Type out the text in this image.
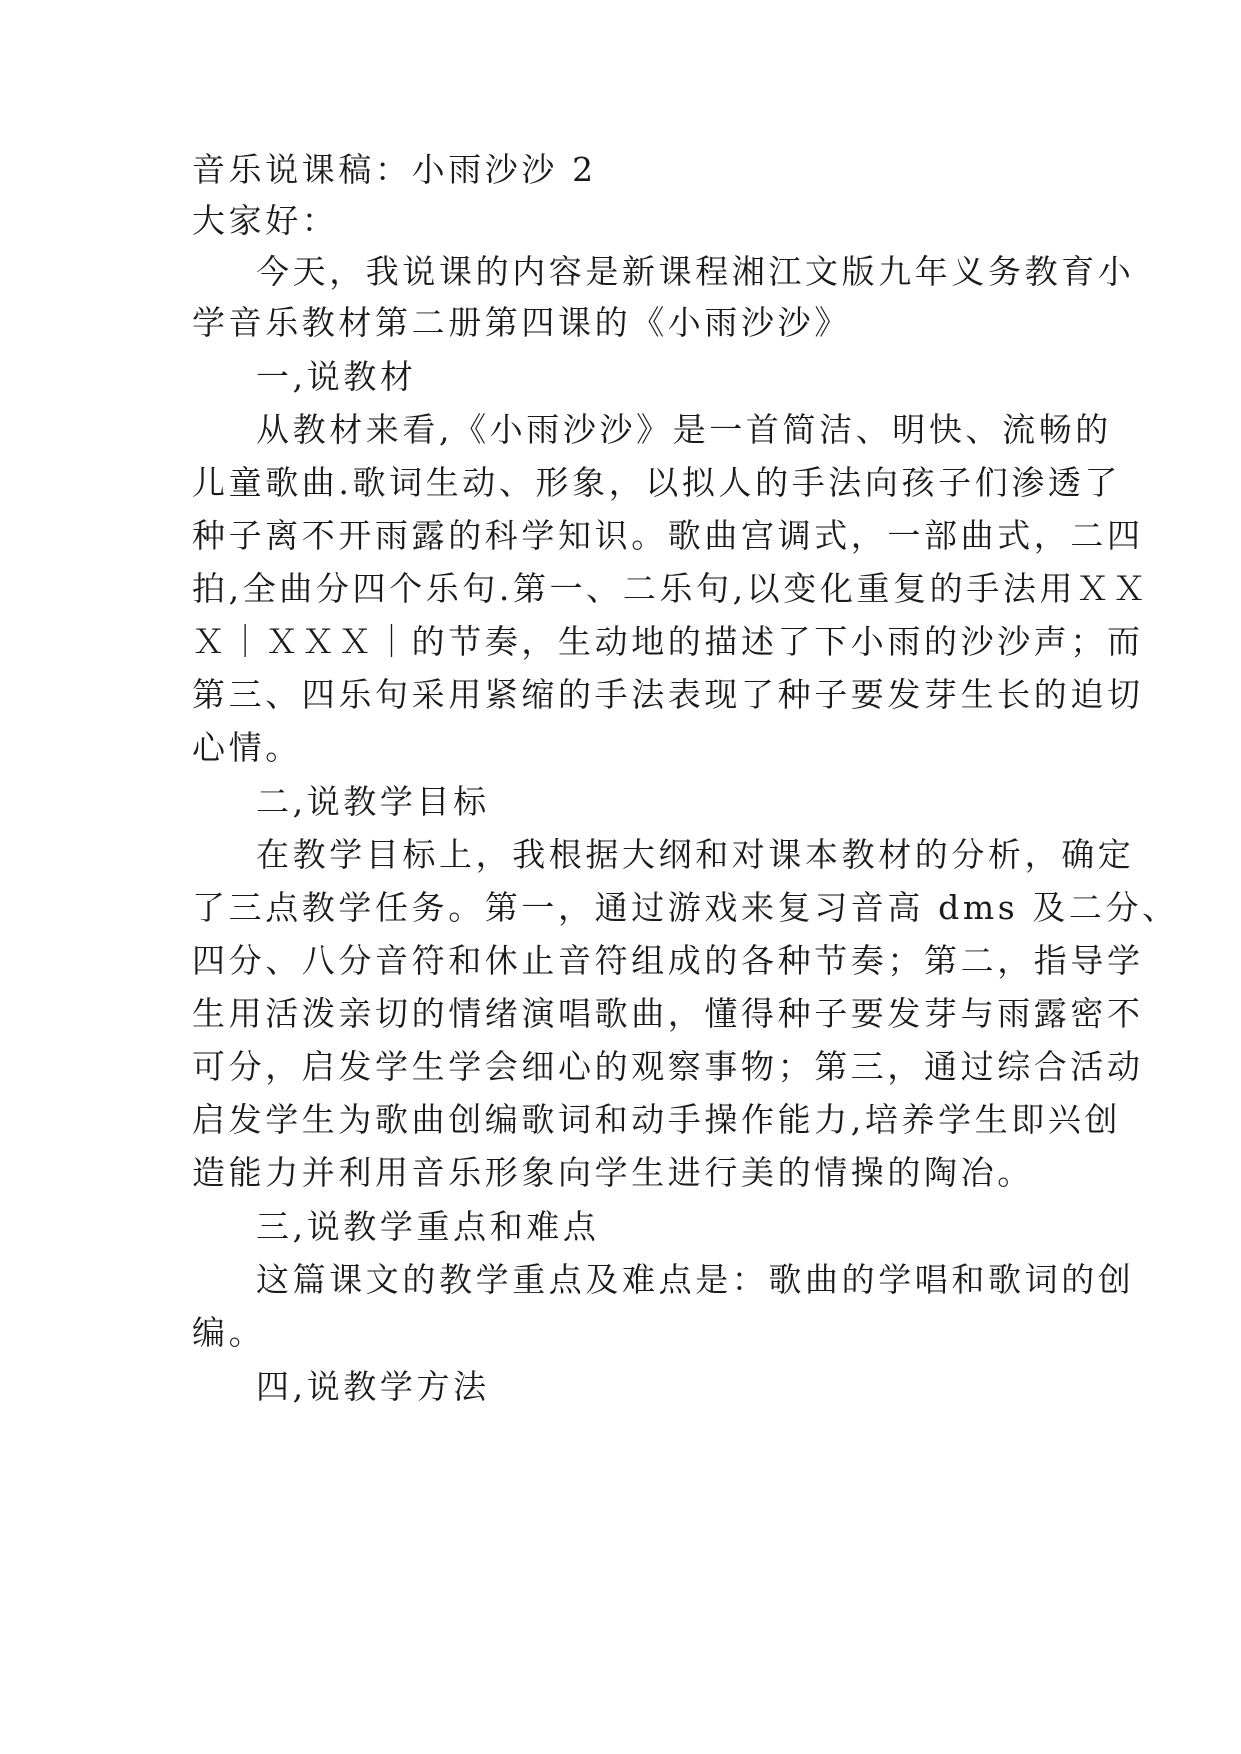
音乐说课稿：小雨沙沙 2
大家好：
今天，我说课的内容是新课程湘江文版九年义务教育小
学音乐教材第二册第四课的《小雨沙沙》
一,说教材
从教材来看,《小雨沙沙》是一首简洁、明快、流畅的
儿童歌曲.歌词生动、形象，以拟人的手法向孩子们渗透了
种子离不开雨露的科学知识。歌曲宫调式，一部曲式，二四
拍,全曲分四个乐句.第一、二乐句,以变化重复的手法用ＸＸ
Ｘ｜ＸＸＸ｜的节奏，生动地的描述了下小雨的沙沙声；而
第三、四乐句采用紧缩的手法表现了种子要发芽生长的迫切
心情。
二,说教学目标
在教学目标上，我根据大纲和对课本教材的分析，确定
了三点教学任务。第一，通过游戏来复习音高 dms 及二分、
四分、八分音符和休止音符组成的各种节奏；第二，指导学
生用活泼亲切的情绪演唱歌曲，懂得种子要发芽与雨露密不
可分，启发学生学会细心的观察事物；第三，通过综合活动
启发学生为歌曲创编歌词和动手操作能力,培养学生即兴创
造能力并利用音乐形象向学生进行美的情操的陶冶。
三,说教学重点和难点
这篇课文的教学重点及难点是：歌曲的学唱和歌词的创
编。
四,说教学方法
